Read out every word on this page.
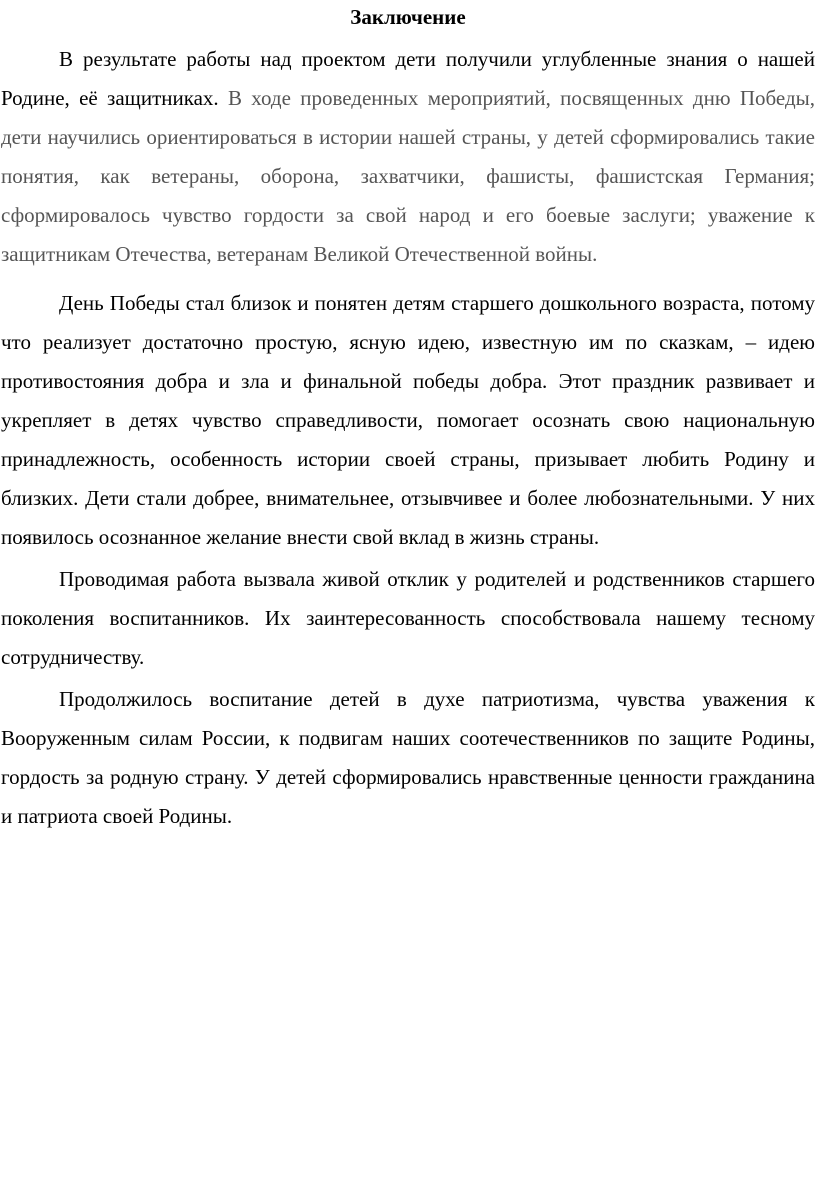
Заключение

В результате работы над проектом дети получили углубленные знания о нашей Родине, её защитниках. В ходе проведенных мероприятий, посвященных дню Победы, дети научились ориентироваться в истории нашей страны, у детей сформировались такие понятия, как ветераны, оборона, захватчики, фашисты, фашистская Германия; сформировалось чувство гордости за свой народ и его боевые заслуги; уважение к защитникам Отечества, ветеранам Великой Отечественной войны.

День Победы стал близок и понятен детям старшего дошкольного возраста, потому что реализует достаточно простую, ясную идею, известную им по сказкам, – идею противостояния добра и зла и финальной победы добра. Этот праздник развивает и укрепляет в детях чувство справедливости, помогает осознать свою национальную принадлежность, особенность истории своей страны, призывает любить Родину и близких. Дети стали добрее, внимательнее, отзывчивее и более любознательными. У них появилось осознанное желание внести свой вклад в жизнь страны.

Проводимая работа вызвала живой отклик у родителей и родственников старшего поколения воспитанников. Их заинтересованность способствовала нашему тесному сотрудничеству.

Продолжилось воспитание детей в духе патриотизма, чувства уважения к Вооруженным силам России, к подвигам наших соотечественников по защите Родины, гордость за родную страну. У детей сформировались нравственные ценности гражданина и патриота своей Родины.
